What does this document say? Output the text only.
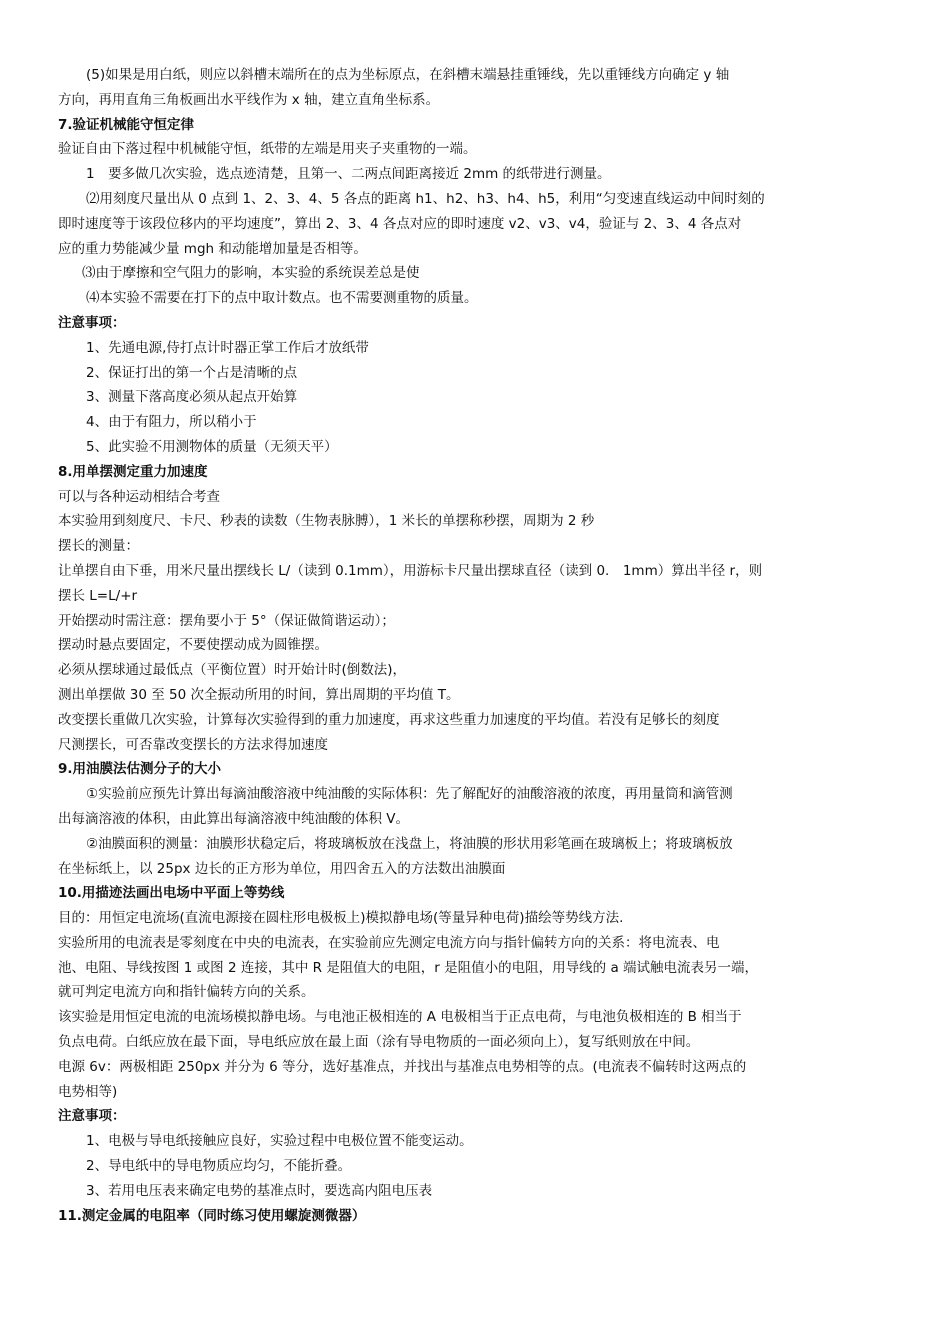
(5)如果是用白纸，则应以斜槽末端所在的点为坐标原点，在斜槽末端悬挂重锤线，先以重锤线方向确定 y 轴
方向，再用直角三角板画出水平线作为 x 轴，建立直角坐标系。
7.验证机械能守恒定律
验证自由下落过程中机械能守恒，纸带的左端是用夹子夹重物的一端。
1　要多做几次实验，选点迹清楚，且第一、二两点间距离接近 2mm 的纸带进行测量。
⑵用刻度尺量出从 0 点到 1、2、3、4、5 各点的距离 h1、h2、h3、h4、h5，利用“匀变速直线运动中间时刻的
即时速度等于该段位移内的平均速度”，算出 2、3、4 各点对应的即时速度 v2、v3、v4，验证与 2、3、4 各点对
应的重力势能减少量 mgh 和动能增加量是否相等。
⑶由于摩擦和空气阻力的影响，本实验的系统误差总是使
⑷本实验不需要在打下的点中取计数点。也不需要测重物的质量。
注意事项：
1、先通电源,侍打点计时器正掌工作后才放纸带
2、保证打出的第一个占是清晰的点
3、测量下落高度必须从起点开始算
4、由于有阻力，所以稍小于
5、此实验不用测物体的质量（无须天平）
8.用单摆测定重力加速度
可以与各种运动相结合考查
本实验用到刻度尺、卡尺、秒表的读数（生物表脉膊），1 米长的单摆称秒摆，周期为 2 秒
摆长的测量：
让单摆自由下垂，用米尺量出摆线长 L/（读到 0.1mm），用游标卡尺量出摆球直径（读到 0.　1mm）算出半径 r，则
摆长 L=L/+r
开始摆动时需注意：摆角要小于 5°（保证做简谐运动）；
摆动时悬点要固定，不要使摆动成为圆锥摆。
必须从摆球通过最低点（平衡位置）时开始计时(倒数法)，
测出单摆做 30 至 50 次全振动所用的时间，算出周期的平均值 T。
改变摆长重做几次实验，计算每次实验得到的重力加速度，再求这些重力加速度的平均值。若没有足够长的刻度
尺测摆长，可否靠改变摆长的方法求得加速度
9.用油膜法估测分子的大小
①实验前应预先计算出每滴油酸溶液中纯油酸的实际体积：先了解配好的油酸溶液的浓度，再用量筒和滴管测
出每滴溶液的体积，由此算出每滴溶液中纯油酸的体积 V。
②油膜面积的测量：油膜形状稳定后，将玻璃板放在浅盘上，将油膜的形状用彩笔画在玻璃板上；将玻璃板放
在坐标纸上，以 25px 边长的正方形为单位，用四舍五入的方法数出油膜面
10.用描迹法画出电场中平面上等势线
目的：用恒定电流场(直流电源接在圆柱形电极板上)模拟静电场(等量异种电荷)描绘等势线方法.
实验所用的电流表是零刻度在中央的电流表，在实验前应先测定电流方向与指针偏转方向的关系：将电流表、电
池、电阻、导线按图 1 或图 2 连接，其中 R 是阻值大的电阻，r 是阻值小的电阻，用导线的 a 端试触电流表另一端，
就可判定电流方向和指针偏转方向的关系。
该实验是用恒定电流的电流场模拟静电场。与电池正极相连的 A 电极相当于正点电荷，与电池负极相连的 B 相当于
负点电荷。白纸应放在最下面，导电纸应放在最上面（涂有导电物质的一面必须向上），复写纸则放在中间。
电源 6v：两极相距 250px 并分为 6 等分，选好基准点，并找出与基准点电势相等的点。(电流表不偏转时这两点的
电势相等)
注意事项：
1、电极与导电纸接触应良好，实验过程中电极位置不能变运动。
2、导电纸中的导电物质应均匀，不能折叠。
3、若用电压表来确定电势的基准点时，要选高内阻电压表
11.测定金属的电阻率（同时练习使用螺旋测微器）
